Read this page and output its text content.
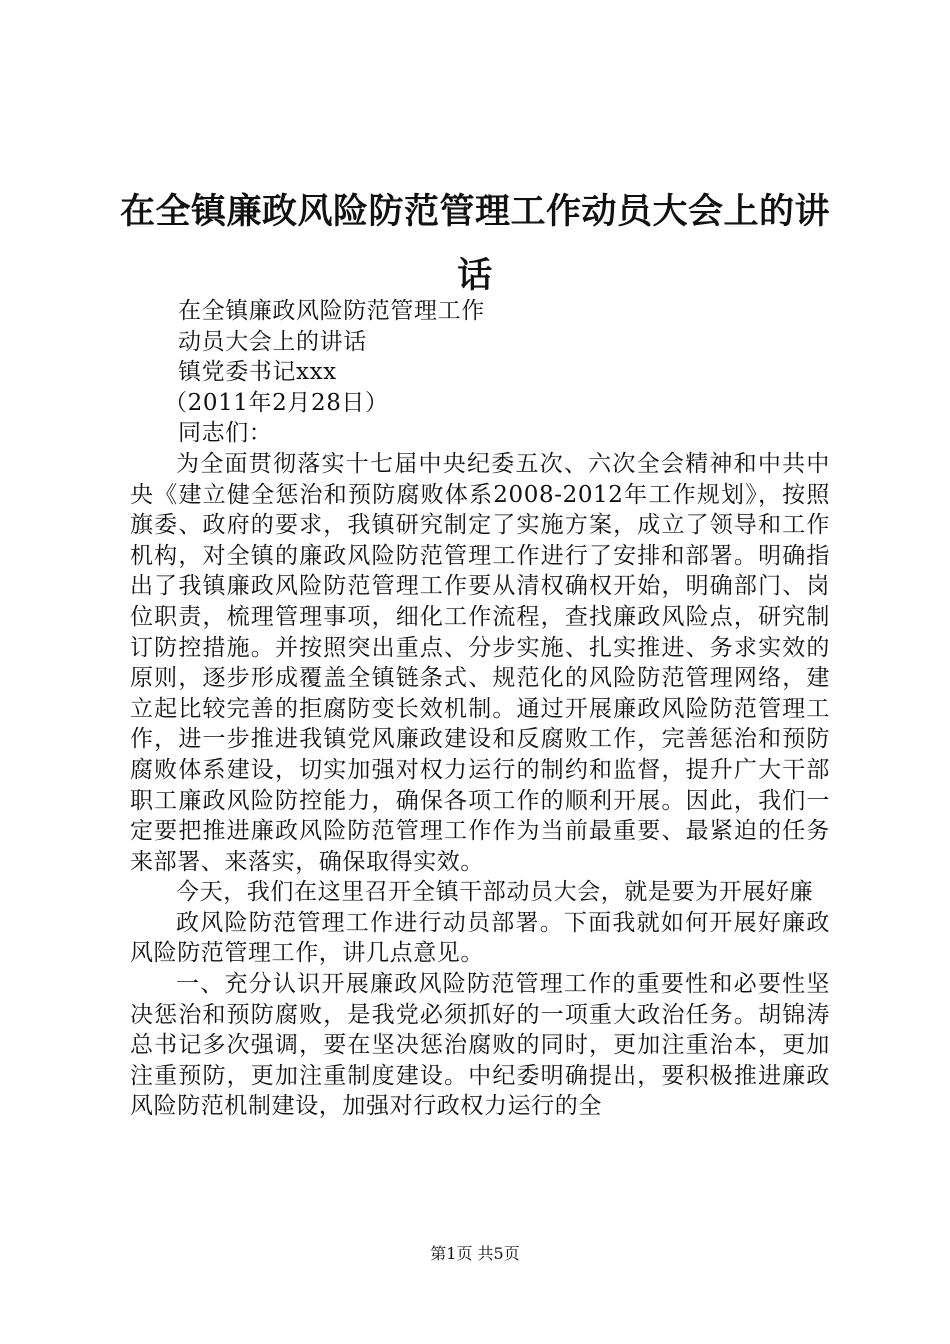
在全镇廉政风险防范管理工作动员大会上的讲
话

在全镇廉政风险防范管理工作

动员大会上的讲话

镇党委书记xxx

（2011年2月28日）

同志们：

为全面贯彻落实十七届中央纪委五次、六次全会精神和中共中央《建立健全惩治和预防腐败体系2008-2012年工作规划》，按照旗委、政府的要求，我镇研究制定了实施方案，成立了领导和工作机构，对全镇的廉政风险防范管理工作进行了安排和部署。明确指出了我镇廉政风险防范管理工作要从清权确权开始，明确部门、岗位职责，梳理管理事项，细化工作流程，查找廉政风险点，研究制订防控措施。并按照突出重点、分步实施、扎实推进、务求实效的原则，逐步形成覆盖全镇链条式、规范化的风险防范管理网络，建立起比较完善的拒腐防变长效机制。通过开展廉政风险防范管理工作，进一步推进我镇党风廉政建设和反腐败工作，完善惩治和预防腐败体系建设，切实加强对权力运行的制约和监督，提升广大干部职工廉政风险防控能力，确保各项工作的顺利开展。因此，我们一定要把推进廉政风险防范管理工作作为当前最重要、最紧迫的任务来部署、来落实，确保取得实效。

今天，我们在这里召开全镇干部动员大会，就是要为开展好廉

政风险防范管理工作进行动员部署。下面我就如何开展好廉政风险防范管理工作，讲几点意见。

一、充分认识开展廉政风险防范管理工作的重要性和必要性坚决惩治和预防腐败，是我党必须抓好的一项重大政治任务。胡锦涛总书记多次强调，要在坚决惩治腐败的同时，更加注重治本，更加注重预防，更加注重制度建设。中纪委明确提出，要积极推进廉政风险防范机制建设，加强对行政权力运行的全

第1页 共5页
